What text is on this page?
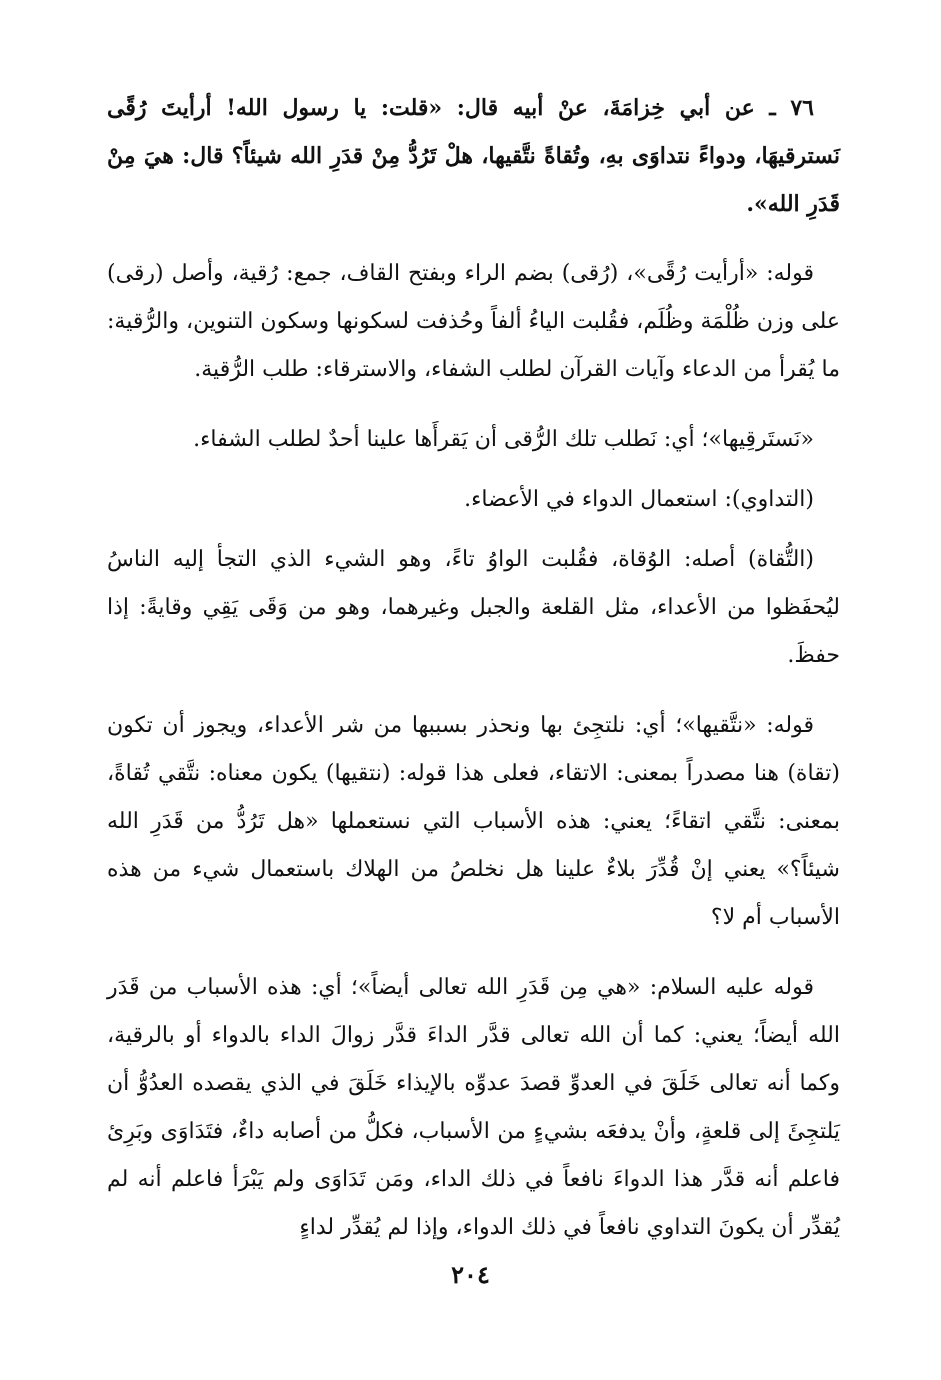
٧٦ ـ عن أبي خِزامَةَ، عنْ أبيه قال: «قلت: يا رسول الله! أرأيتَ رُقًى نَسترقيهَا، ودواءً نتداوَى بهِ، وتُقاةً نتَّقيها، هلْ تَرُدُّ مِنْ قدَرِ الله شيئاً؟ قال: هيَ مِنْ قَدَرِ الله».

قوله: «أرأيت رُقًى»، (رُقى) بضم الراء وبفتح القاف، جمع: رُقية، وأصل (رقى) على وزن ظُلْمَة وظُلَم، فقُلبت الياءُ ألفاً وحُذفت لسكونها وسكون التنوين، والرُّقية: ما يُقرأ من الدعاء وآيات القرآن لطلب الشفاء، والاسترقاء: طلب الرُّقية.

«نَستَرقِيها»؛ أي: نَطلب تلك الرُّقى أن يَقرأَها علينا أحدٌ لطلب الشفاء.

(التداوي): استعمال الدواء في الأعضاء.

(التُّقاة) أصله: الوُقاة، فقُلبت الواوُ تاءً، وهو الشيء الذي التجأ إليه الناسُ ليُحفَظوا من الأعداء، مثل القلعة والجبل وغيرهما، وهو من وَقَى يَقِي وقايةً: إذا حفظَ.

قوله: «نتَّقيها»؛ أي: نلتجِئ بها ونحذر بسببها من شر الأعداء، ويجوز أن تكون (تقاة) هنا مصدراً بمعنى: الاتقاء، فعلى هذا قوله: (نتقيها) يكون معناه: نتَّقي تُقاةً، بمعنى: نتَّقي اتقاءً؛ يعني: هذه الأسباب التي نستعملها «هل تَرُدُّ من قَدَرِ الله شيئاً؟» يعني إنْ قُدِّرَ بلاءٌ علينا هل نخلصُ من الهلاك باستعمال شيء من هذه الأسباب أم لا؟

قوله عليه السلام: «هي مِن قَدَرِ الله تعالى أيضاً»؛ أي: هذه الأسباب من قَدَر الله أيضاً؛ يعني: كما أن الله تعالى قدَّر الداءَ قدَّر زوالَ الداء بالدواء أو بالرقية، وكما أنه تعالى خَلَقَ في العدوِّ قصدَ عدوِّه بالإيذاء خَلَقَ في الذي يقصده العدُوُّ أن يَلتجِئَ إلى قلعةٍ، وأنْ يدفعَه بشيءٍ من الأسباب، فكلُّ من أصابه داءٌ، فتَدَاوَى وبَرِئ فاعلم أنه قدَّر هذا الدواءَ نافعاً في ذلك الداء، ومَن تَدَاوَى ولم يَبْرَأ فاعلم أنه لم يُقدِّر أن يكونَ التداوي نافعاً في ذلك الدواء، وإذا لم يُقدِّر لداءٍ

٢٠٤
